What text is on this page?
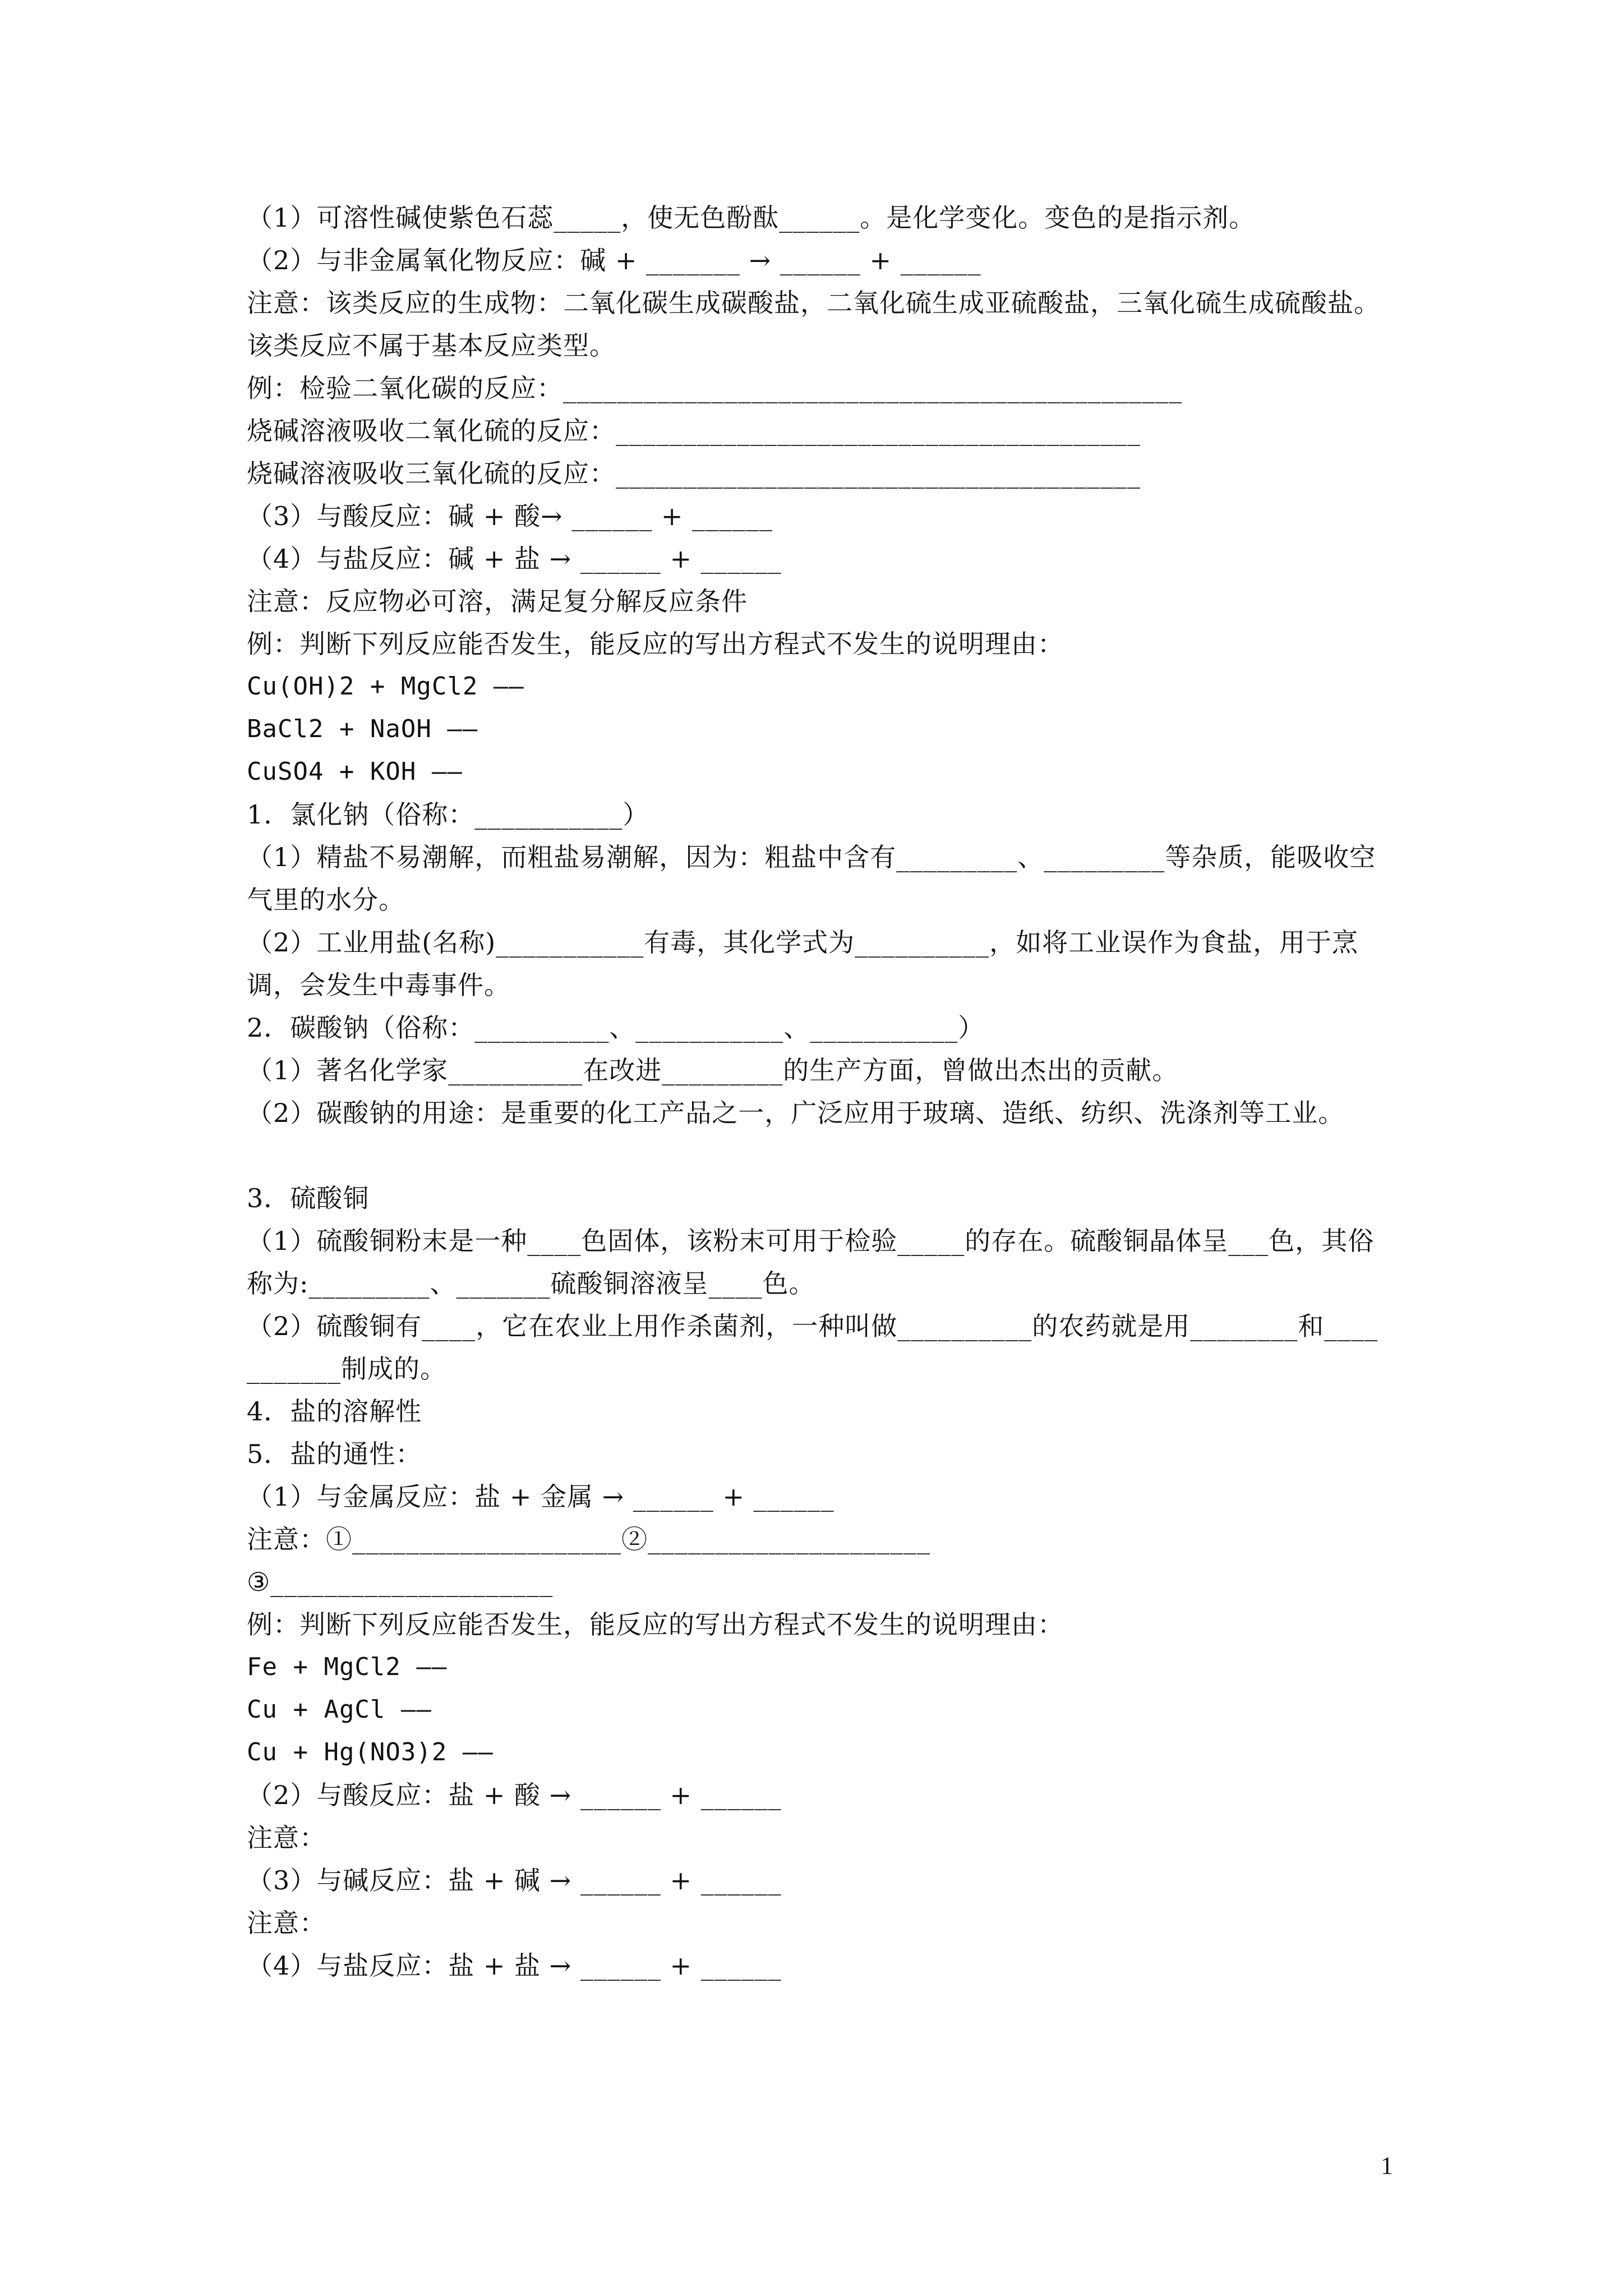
（1）可溶性碱使紫色石蕊_____，使无色酚酞______。是化学变化。变色的是指示剂。
（2）与非金属氧化物反应：碱 + _______ → ______ + ______
注意：该类反应的生成物：二氧化碳生成碳酸盐，二氧化硫生成亚硫酸盐，三氧化硫生成硫酸盐。
该类反应不属于基本反应类型。
例：检验二氧化碳的反应：______________________________________________
烧碱溶液吸收二氧化硫的反应：_______________________________________
烧碱溶液吸收三氧化硫的反应：_______________________________________
（3）与酸反应：碱 + 酸→ ______ + ______
（4）与盐反应：碱 + 盐 → ______ + ______
注意：反应物必可溶，满足复分解反应条件
例：判断下列反应能否发生，能反应的写出方程式不发生的说明理由：
Cu(OH)2 + MgCl2 ——
BaCl2 + NaOH ——
CuSO4 + KOH ——
1．氯化钠（俗称：___________）
（1）精盐不易潮解，而粗盐易潮解，因为：粗盐中含有_________、_________等杂质，能吸收空气里的水分。
（2）工业用盐(名称)___________有毒，其化学式为__________，如将工业误作为食盐，用于烹调，会发生中毒事件。
2．碳酸钠（俗称：__________、___________、___________）
（1）著名化学家__________在改进_________的生产方面，曾做出杰出的贡献。
（2）碳酸钠的用途：是重要的化工产品之一，广泛应用于玻璃、造纸、纺织、洗涤剂等工业。
3．硫酸铜
（1）硫酸铜粉末是一种____色固体，该粉末可用于检验_____的存在。硫酸铜晶体呈___色，其俗称为:_________、_______硫酸铜溶液呈____色。
（2）硫酸铜有____，它在农业上用作杀菌剂，一种叫做__________的农药就是用________和___________制成的。
4．盐的溶解性
5．盐的通性：
（1）与金属反应：盐 + 金属 → ______ + ______
注意：①____________________②_____________________
③_____________________
例：判断下列反应能否发生，能反应的写出方程式不发生的说明理由：
Fe + MgCl2 ——
Cu + AgCl ——
Cu + Hg(NO3)2 ——
（2）与酸反应：盐 + 酸 → ______ + ______
注意：
（3）与碱反应：盐 + 碱 → ______ + ______
注意：
（4）与盐反应：盐 + 盐 → ______ + ______
1
